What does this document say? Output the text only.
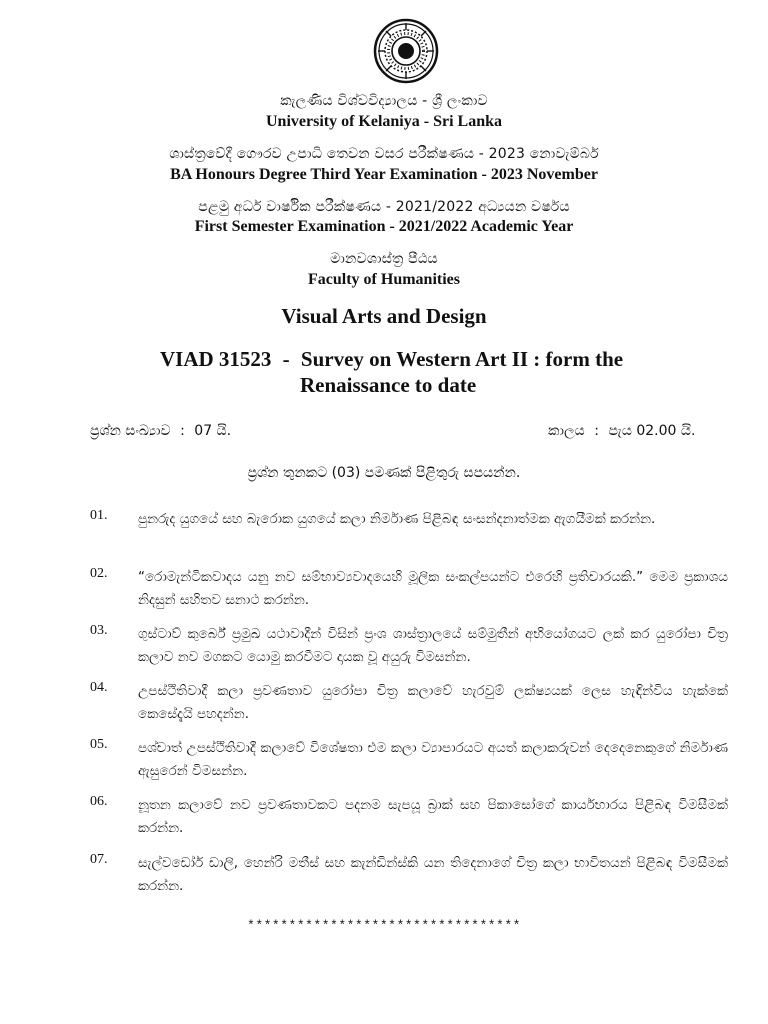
කැලණිය විශ්වවිද්‍යාලය - ශ්‍රී ලංකාව
University of Kelaniya - Sri Lanka
ශාස්ත්‍රවේදී ගෞරව උපාධි තෙවන වසර පරීක්ෂණය - 2023 නොවැම්බර්
BA Honours Degree Third Year Examination - 2023 November
පළමු අර්ධ වාර්ෂික පරීක්ෂණය - 2021/2022 අධ්‍යයන වර්ෂය
First Semester Examination - 2021/2022 Academic Year
මානවශාස්ත්‍ර පීඨය
Faculty of Humanities
Visual Arts and Design
VIAD 31523 - Survey on Western Art II : form the
Renaissance to date
ප්‍රශ්න සංඛ්‍යාව : 07 යි.	කාලය : පැය 02.00 යි.
ප්‍රශ්න තුනකට (03) පමණක් පිළිතුරු සපයන්න.
01. පුනරුද යුගයේ සහ බැරොක යුගයේ කලා නිර්මාණ පිළිබඳ සංසන්දනාත්මක ඇගයීමක් කරන්න.
02. “රොමැන්ටිකවාදය යනු නව සම්භාව්‍යවාදයෙහි මූලික සංකල්පයන්ට එරෙහි ප්‍රතිචාරයකි.” මෙම ප්‍රකාශය නිදසුන් සහිතව සනාථ කරන්න.
03. ගුස්ටාව් කුර්බේ ප්‍රමුඛ යථාවාදීන් විසින් ප්‍රංශ ශාස්ත්‍රාලයේ සම්මුතීන් අභියෝගයට ලක් කර යුරෝපා චිත්‍ර කලාව නව මගකට යොමු කරවීමට දායක වූ අයුරු විමසන්න.
04. උපස්ථිතිවාදී කලා ප්‍රවණතාව යුරෝපා චිත්‍ර කලාවේ හැරවුම් ලක්ෂ්‍යයක් ලෙස හැඳින්විය හැක්කේ කෙසේදැයි පහදන්න.
05. පශ්චාත් උපස්ථිතිවාදී කලාවේ විශේෂතා එම කලා ව්‍යාපාරයට අයත් කලාකරුවන් දෙදෙනෙකුගේ නිර්මාණ ඇසුරෙන් විමසන්න.
06. නූතන කලාවේ නව ප්‍රවණතාවකට පදනම සැපයූ බ්‍රාක් සහ පිකාසෝගේ කාර්යභාරය පිළිබඳ විමසීමක් කරන්න.
07. සැල්වඩෝර් ඩාලි, හෙන්රි මතීස් සහ කැන්ඩින්ස්කි යන තිදෙනාගේ චිත්‍ර කලා භාවිතයන් පිළිබඳ විමසීමක් කරන්න.
*********************************
